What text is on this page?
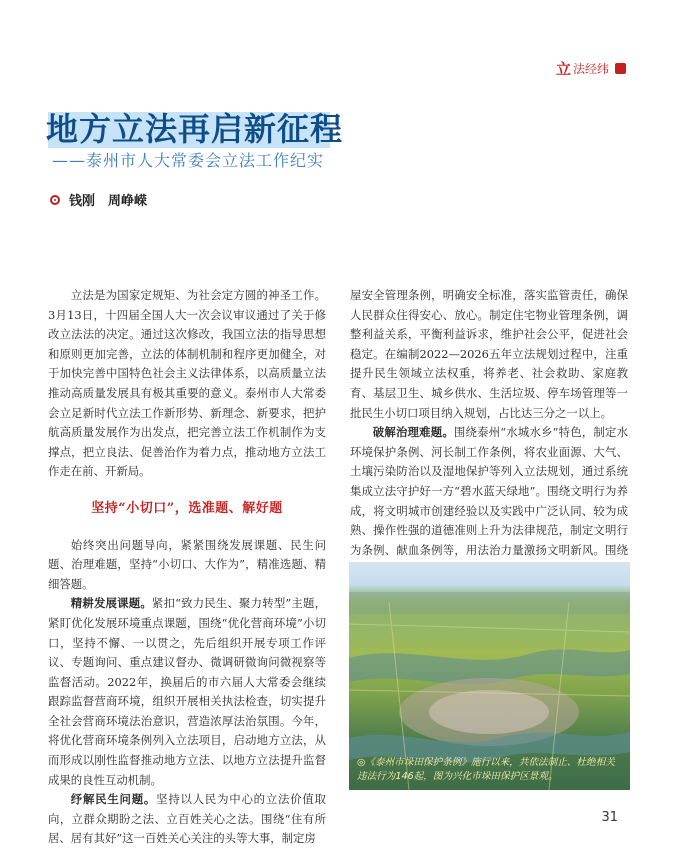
立 法经纬
地方立法再启新征程

——泰州市人大常委会立法工作纪实

钱刚　周峥嵘

立法是为国家定规矩、为社会定方圆的神圣工作。3月13日，十四届全国人大一次会议审议通过了关于修改立法法的决定。通过这次修改，我国立法的指导思想和原则更加完善，立法的体制机制和程序更加健全，对于加快完善中国特色社会主义法律体系，以高质量立法推动高质量发展具有极其重要的意义。泰州市人大常委会立足新时代立法工作新形势、新理念、新要求，把护航高质量发展作为出发点，把完善立法工作机制作为支撑点，把立良法、促善治作为着力点，推动地方立法工作走在前、开新局。

坚持“小切口”，选准题、解好题

始终突出问题导向，紧紧围绕发展课题、民生问题、治理难题，坚持“小切口、大作为”，精准选题、精细答题。

精耕发展课题。紧扣“致力民生、聚力转型”主题，紧盯优化发展环境重点课题，围绕“优化营商环境”小切口，坚持不懈、一以贯之，先后组织开展专项工作评议、专题询问、重点建议督办、微调研微询问微视察等监督活动。2022年，换届后的市六届人大常委会继续跟踪监督营商环境，组织开展相关执法检查，切实提升全社会营商环境法治意识，营造浓厚法治氛围。今年，将优化营商环境条例列入立法项目，启动地方立法，从而形成以刚性监督推动地方立法、以地方立法提升监督成果的良性互动机制。

纾解民生问题。坚持以人民为中心的立法价值取向，立群众期盼之法、立百姓关心之法。围绕“住有所居、居有其好”这一百姓关心关注的头等大事，制定房

屋安全管理条例，明确安全标准，落实监管责任，确保人民群众住得安心、放心。制定住宅物业管理条例，调整利益关系，平衡利益诉求，维护社会公平，促进社会稳定。在编制2022—2026五年立法规划过程中，注重提升民生领域立法权重，将养老、社会救助、家庭教育、基层卫生、城乡供水、生活垃圾、停车场管理等一批民生小切口项目纳入规划，占比达三分之一以上。

破解治理难题。围绕泰州“水城水乡”特色，制定水环境保护条例、河长制工作条例，将农业面源、大气、土壤污染防治以及湿地保护等列入立法规划，通过系统集成立法守护好一方“碧水蓝天绿地”。围绕文明行为养成，将文明城市创建经验以及实践中广泛认同、较为成熟、操作性强的道德准则上升为法律规范，制定文明行为条例、献血条例等，用法治力量激扬文明新风。围绕

◎《泰州市垛田保护条例》施行以来，共依法制止、杜绝相关违法行为146起，图为兴化市垛田保护区景观。
31
